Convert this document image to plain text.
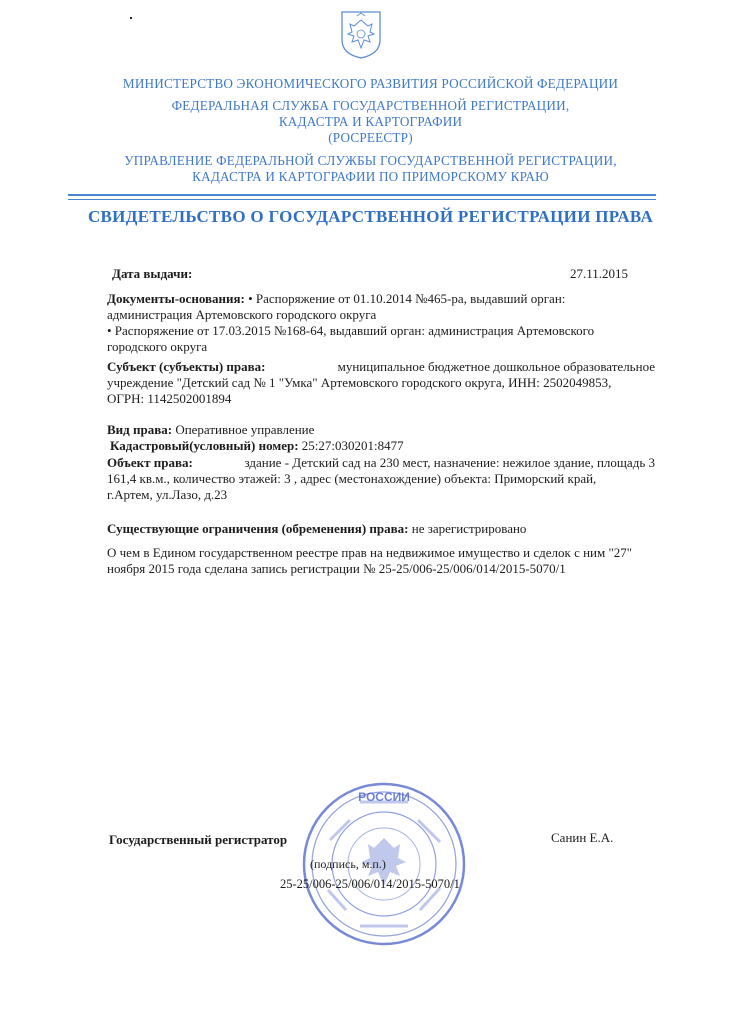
МИНИСТЕРСТВО ЭКОНОМИЧЕСКОГО РАЗВИТИЯ РОССИЙСКОЙ ФЕДЕРАЦИИ
ФЕДЕРАЛЬНАЯ СЛУЖБА ГОСУДАРСТВЕННОЙ РЕГИСТРАЦИИ,
КАДАСТРА И КАРТОГРАФИИ
(РОСРЕЕСТР)
УПРАВЛЕНИЕ ФЕДЕРАЛЬНОЙ СЛУЖБЫ ГОСУДАРСТВЕННОЙ РЕГИСТРАЦИИ,
КАДАСТРА И КАРТОГРАФИИ ПО ПРИМОРСКОМУ КРАЮ
СВИДЕТЕЛЬСТВО О ГОСУДАРСТВЕННОЙ РЕГИСТРАЦИИ ПРАВА
Дата выдачи:	27.11.2015
Документы-основания: • Распоряжение от 01.10.2014 №465-ра, выдавший орган:
администрация Артемовского городского округа
• Распоряжение от 17.03.2015 №168-64, выдавший орган: администрация Артемовского
городского округа
Субъект (субъекты) права:	муниципальное бюджетное дошкольное образовательное
учреждение "Детский сад № 1 "Умка" Артемовского городского округа, ИНН: 2502049853,
ОГРН: 1142502001894
Вид права: Оперативное управление
Кадастровый(условный) номер: 25:27:030201:8477
Объект права:	здание - Детский сад на 230 мест, назначение: нежилое здание, площадь 3
161,4 кв.м., количество этажей: 3 , адрес (местонахождение) объекта: Приморский край,
г.Артем, ул.Лазо, д.23
Существующие ограничения (обременения) права: не зарегистрировано
О чем в Едином государственном реестре прав на недвижимое имущество и сделок с ним "27"
ноября 2015 года сделана запись регистрации № 25-25/006-25/006/014/2015-5070/1
РОССИИ
Государственный регистратор	Санин Е.А.
(подпись, м.п.)
25-25/006-25/006/014/2015-5070/1
